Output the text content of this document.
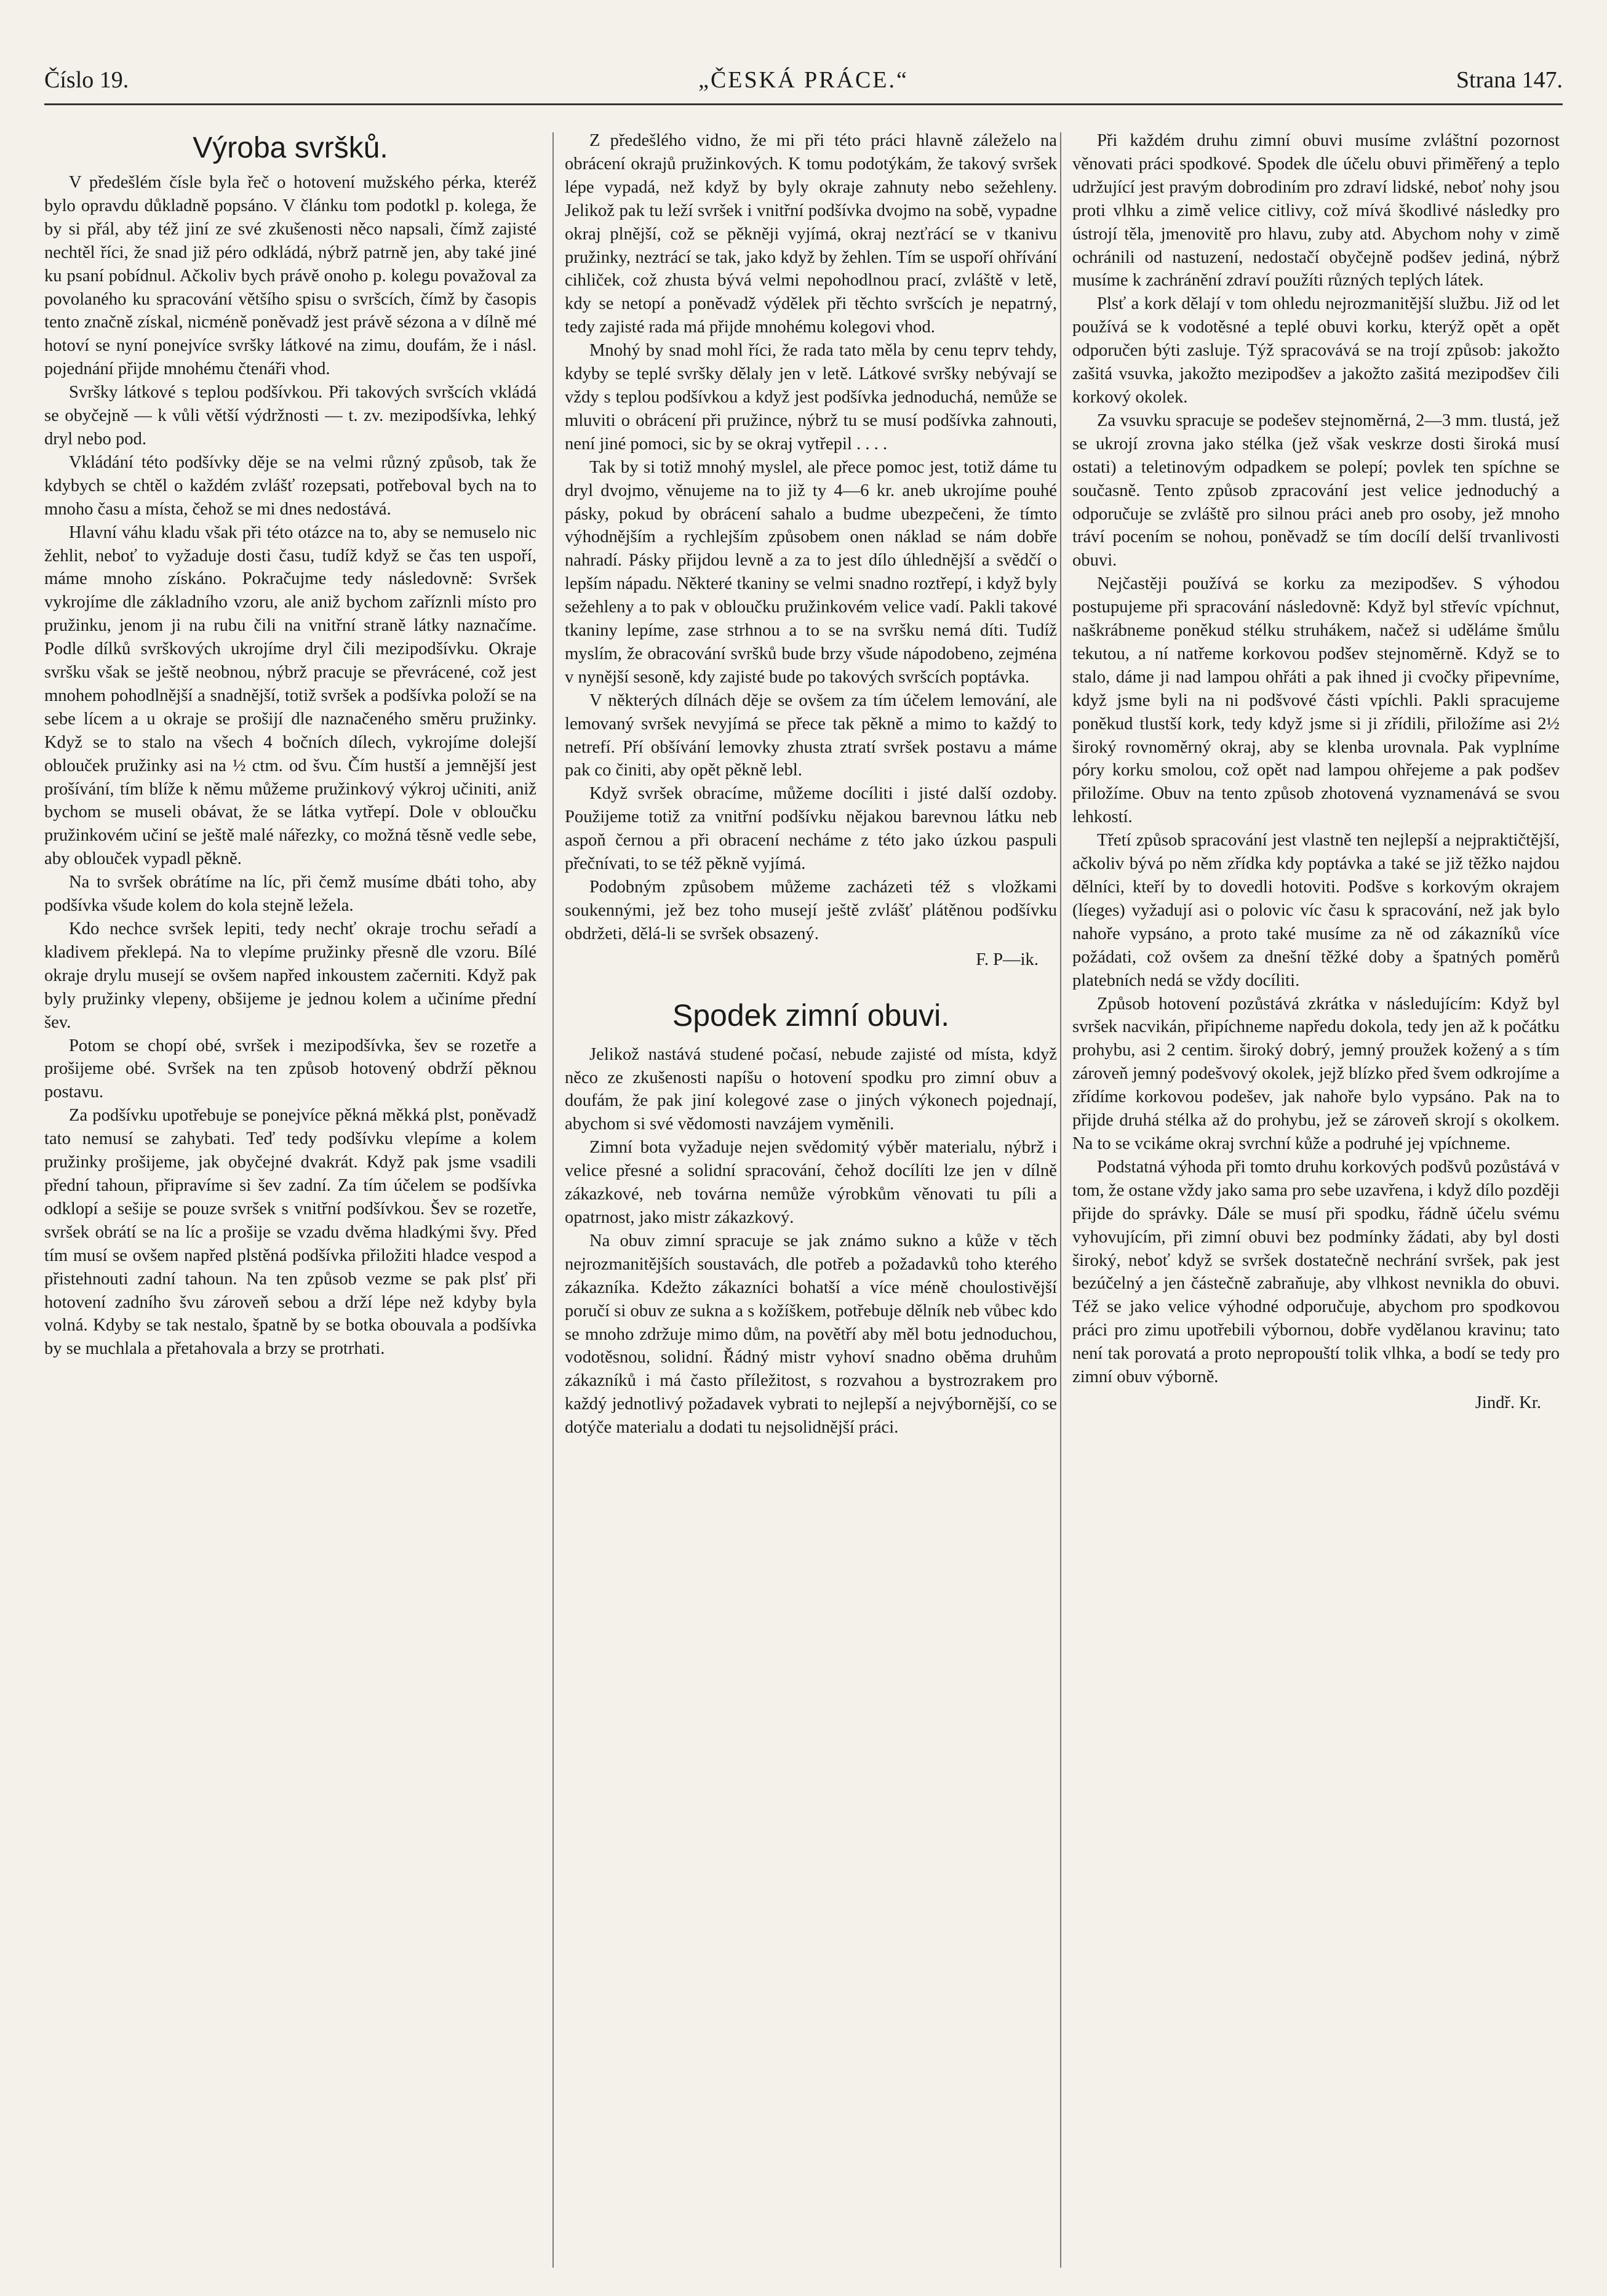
Číslo 19.	„ČESKÁ PRÁCE.“	Strana 147.
Výroba svršků.

V předešlém čísle byla řeč o hotovení mužského pérka, kteréž bylo opravdu důkladně popsáno. V článku tom podotkl p. kolega, že by si přál, aby též jiní ze své zkušenosti něco napsali, čímž zajisté nechtěl říci, že snad již péro odkládá, nýbrž patrně jen, aby také jiné ku psaní pobídnul. Ačkoliv bych právě onoho p. kolegu považoval za povolaného ku spracování většího spisu o svršcích, čímž by časopis tento značně získal, nicméně poněvadž jest právě sézona a v dílně mé hotoví se nyní ponejvíce svršky látkové na zimu, doufám, že i násl. pojednání přijde mnohému čtenáři vhod.

Svršky látkové s teplou podšívkou. Při takových svršcích vkládá se obyčejně — k vůli větší výdržnosti — t. zv. mezipodšívka, lehký dryl nebo pod.

Vkládání této podšívky děje se na velmi různý způsob, tak že kdybych se chtěl o každém zvlášť rozepsati, potřeboval bych na to mnoho času a místa, čehož se mi dnes nedostává.

Hlavní váhu kladu však při této otázce na to, aby se nemuselo nic žehlit, neboť to vyžaduje dosti času, tudíž když se čas ten uspoří, máme mnoho získáno. Pokračujme tedy následovně: Svršek vykrojíme dle základního vzoru, ale aniž bychom zaříznli místo pro pružinku, jenom ji na rubu čili na vnitřní straně látky naznačíme. Podle dílků svrškových ukrojíme dryl čili mezipodšívku. Okraje svršku však se ještě neobnou, nýbrž pracuje se převrácené, což jest mnohem pohodlnější a snadnější, totiž svršek a podšívka položí se na sebe lícem a u okraje se prošijí dle naznačeného směru pružinky. Když se to stalo na všech 4 bočních dílech, vykrojíme dolejší oblouček pružinky asi na ½ ctm. od švu. Čím hustší a jemnější jest prošívání, tím blíže k němu můžeme pružinkový výkroj učiniti, aniž bychom se museli obávat, že se látka vytřepí. Dole v obloučku pružinkovém učiní se ještě malé nářezky, co možná těsně vedle sebe, aby oblouček vypadl pěkně.

Na to svršek obrátíme na líc, při čemž musíme dbáti toho, aby podšívka všude kolem do kola stejně ležela.

Kdo nechce svršek lepiti, tedy nechť okraje trochu seřadí a kladivem překlepá. Na to vlepíme pružinky přesně dle vzoru. Bílé okraje drylu musejí se ovšem napřed inkoustem začerniti. Když pak byly pružinky vlepeny, obšijeme je jednou kolem a učiníme přední šev.

Potom se chopí obé, svršek i mezipodšívka, šev se rozetře a prošijeme obé. Svršek na ten způsob hotovený obdrží pěknou postavu.

Za podšívku upotřebuje se ponejvíce pěkná měkká plst, poněvadž tato nemusí se zahybati. Teď tedy podšívku vlepíme a kolem pružinky prošijeme, jak obyčejné dvakrát. Když pak jsme vsadili přední tahoun, připravíme si šev zadní. Za tím účelem se podšívka odklopí a sešije se pouze svršek s vnitřní podšívkou. Šev se rozetře, svršek obrátí se na líc a prošije se vzadu dvěma hladkými švy. Před tím musí se ovšem napřed plstěná podšívka přiložiti hladce vespod a přistehnouti zadní tahoun. Na ten způsob vezme se pak plsť při hotovení zadního švu zároveň sebou a drží lépe než kdyby byla volná. Kdyby se tak nestalo, špatně by se botka obouvala a podšívka by se muchlala a přetahovala a brzy se protrhati.

Z předešlého vidno, že mi při této práci hlavně záleželo na obrácení okrajů pružinkových. K tomu podotýkám, že takový svršek lépe vypadá, než když by byly okraje zahnuty nebo sežehleny. Jelikož pak tu leží svršek i vnitřní podšívka dvojmo na sobě, vypadne okraj plnější, což se pěkněji vyjímá, okraj nezťrácí se v tkanivu pružinky, neztrácí se tak, jako když by žehlen. Tím se uspoří ohřívání cihliček, což zhusta bývá velmi nepohodlnou prací, zvláště v letě, kdy se netopí a poněvadž výdělek při těchto svršcích je nepatrný, tedy zajisté rada má přijde mnohému kolegovi vhod.

Mnohý by snad mohl říci, že rada tato měla by cenu teprv tehdy, kdyby se teplé svršky dělaly jen v letě. Látkové svršky nebývají se vždy s teplou podšívkou a když jest podšívka jednoduchá, nemůže se mluviti o obrácení při pružince, nýbrž tu se musí podšívka zahnouti, není jiné pomoci, sic by se okraj vytřepil . . . .

Tak by si totiž mnohý myslel, ale přece pomoc jest, totiž dáme tu dryl dvojmo, věnujeme na to již ty 4—6 kr. aneb ukrojíme pouhé pásky, pokud by obrácení sahalo a budme ubezpečeni, že tímto výhodnějším a rychlejším způsobem onen náklad se nám dobře nahradí. Pásky přijdou levně a za to jest dílo úhlednější a svědčí o lepším nápadu. Některé tkaniny se velmi snadno roztřepí, i když byly sežehleny a to pak v obloučku pružinkovém velice vadí. Pakli takové tkaniny lepíme, zase strhnou a to se na svršku nemá díti. Tudíž myslím, že obracování svršků bude brzy všude nápodobeno, zejména v nynější sesoně, kdy zajisté bude po takových svršcích poptávka.

V některých dílnách děje se ovšem za tím účelem lemování, ale lemovaný svršek nevyjímá se přece tak pěkně a mimo to každý to netrefí. Pří obšívání lemovky zhusta ztratí svršek postavu a máme pak co činiti, aby opět pěkně lebl.

Když svršek obracíme, můžeme docíliti i jisté další ozdoby. Použijeme totiž za vnitřní podšívku nějakou barevnou látku neb aspoň černou a při obracení necháme z této jako úzkou paspuli přečnívati, to se též pěkně vyjímá.

Podobným způsobem můžeme zacházeti též s vložkami soukennými, jež bez toho musejí ještě zvlášť plátěnou podšívku obdržeti, dělá-li se svršek obsazený.

F. P—ik.

Spodek zimní obuvi.

Jelikož nastává studené počasí, nebude zajisté od místa, když něco ze zkušenosti napíšu o hotovení spodku pro zimní obuv a doufám, že pak jiní kolegové zase o jiných výkonech pojednají, abychom si své vědomosti navzájem vyměnili.

Zimní bota vyžaduje nejen svědomitý výběr materialu, nýbrž i velice přesné a solidní spracování, čehož docílíti lze jen v dílně zákazkové, neb továrna nemůže výrobkům věnovati tu píli a opatrnost, jako mistr zákazkový.

Na obuv zimní spracuje se jak známo sukno a kůže v těch nejrozmanitějších soustavách, dle potřeb a požadavků toho kterého zákazníka. Kdežto zákazníci bohatší a více méně choulostivější poručí si obuv ze sukna a s kožíškem, potřebuje dělník neb vůbec kdo se mnoho zdržuje mimo dům, na povětří aby měl botu jednoduchou, vodotěsnou, solidní. Řádný mistr vyhoví snadno oběma druhům zákazníků i má často příležitost, s rozvahou a bystrozrakem pro každý jednotlivý požadavek vybrati to nejlepší a nejvýbornější, co se dotýče materialu a dodati tu nejsolidnější práci.

Při každém druhu zimní obuvi musíme zvláštní pozornost věnovati práci spodkové. Spodek dle účelu obuvi přiměřený a teplo udržující jest pravým dobrodiním pro zdraví lidské, neboť nohy jsou proti vlhku a zimě velice citlivy, což mívá škodlivé následky pro ústrojí těla, jmenovitě pro hlavu, zuby atd. Abychom nohy v zimě ochránili od nastuzení, nedostačí obyčejně podšev jediná, nýbrž musíme k zachránění zdraví použíti různých teplých látek.

Plsť a kork dělají v tom ohledu nejrozmanitější službu. Již od let používá se k vodotěsné a teplé obuvi korku, kterýž opět a opět odporučen býti zasluje. Týž spracovává se na trojí způsob: jakožto zašitá vsuvka, jakožto mezipodšev a jakožto zašitá mezipodšev čili korkový okolek.

Za vsuvku spracuje se podešev stejnoměrná, 2—3 mm. tlustá, jež se ukrojí zrovna jako stélka (jež však veskrze dosti široká musí ostati) a teletinovým odpadkem se polepí; povlek ten spíchne se současně. Tento způsob zpracování jest velice jednoduchý a odporučuje se zvláště pro silnou práci aneb pro osoby, jež mnoho tráví pocením se nohou, poněvadž se tím docílí delší trvanlivosti obuvi.

Nejčastěji používá se korku za mezipodšev. S výhodou postupujeme při spracování následovně: Když byl střevíc vpíchnut, naškrábneme poněkud stélku struhákem, načež si uděláme šmůlu tekutou, a ní natřeme korkovou podšev stejnoměrně. Když se to stalo, dáme ji nad lampou ohřáti a pak ihned ji cvočky připevníme, když jsme byli na ni podšvové části vpíchli. Pakli spracujeme poněkud tlustší kork, tedy když jsme si ji zřídili, přiložíme asi 2½ široký rovnoměrný okraj, aby se klenba urovnala. Pak vyplníme póry korku smolou, což opět nad lampou ohřejeme a pak podšev přiložíme. Obuv na tento způsob zhotovená vyznamenává se svou lehkostí.

Třetí způsob spracování jest vlastně ten nejlepší a nejpraktičtější, ačkoliv bývá po něm zřídka kdy poptávka a také se již těžko najdou dělníci, kteří by to dovedli hotoviti. Podšve s korkovým okrajem (líeges) vyžadují asi o polovic víc času k spracování, než jak bylo nahoře vypsáno, a proto také musíme za ně od zákazníků více požádati, což ovšem za dnešní těžké doby a špatných poměrů platebních nedá se vždy docíliti.

Způsob hotovení pozůstává zkrátka v následujícím: Když byl svršek nacvikán, připíchneme napředu dokola, tedy jen až k počátku prohybu, asi 2 centim. široký dobrý, jemný proužek kožený a s tím zároveň jemný podešvový okolek, jejž blízko před švem odkrojíme a zřídíme korkovou podešev, jak nahoře bylo vypsáno. Pak na to přijde druhá stélka až do prohybu, jež se zároveň skrojí s okolkem. Na to se vcikáme okraj svrchní kůže a podruhé jej vpíchneme.

Podstatná výhoda při tomto druhu korkových podšvů pozůstává v tom, že ostane vždy jako sama pro sebe uzavřena, i když dílo později přijde do správky. Dále se musí při spodku, řádně účelu svému vyhovujícím, při zimní obuvi bez podmínky žádati, aby byl dosti široký, neboť když se svršek dostatečně nechrání svršek, pak jest bezúčelný a jen částečně zabraňuje, aby vlhkost nevnikla do obuvi. Též se jako velice výhodné odporučuje, abychom pro spodkovou práci pro zimu upotřebili výbornou, dobře vydělanou kravinu; tato není tak porovatá a proto nepropouští tolik vlhka, a bodí se tedy pro zimní obuv výborně.

Jindř. Kr.
